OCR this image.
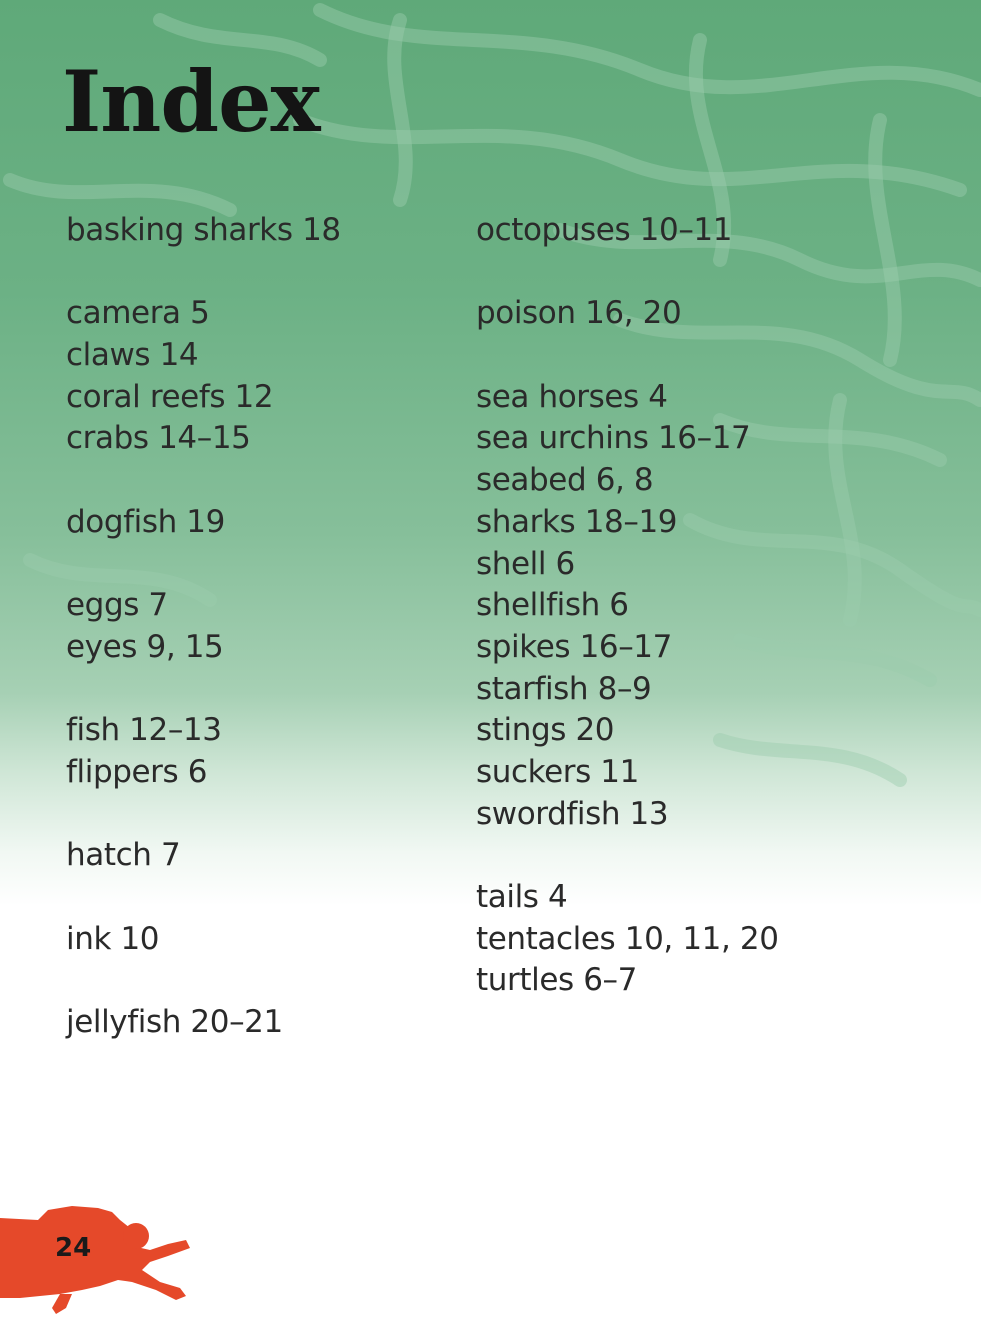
Index
basking sharks 18
camera 5
claws 14
coral reefs 12
crabs 14–15
dogfish 19
eggs 7
eyes 9, 15
fish 12–13
flippers 6
hatch 7
ink 10
jellyfish 20–21
octopuses 10–11
poison 16, 20
sea horses 4
sea urchins 16–17
seabed 6, 8
sharks 18–19
shell 6
shellfish 6
spikes 16–17
starfish 8–9
stings 20
suckers 11
swordfish 13
tails 4
tentacles 10, 11, 20
turtles 6–7
24
